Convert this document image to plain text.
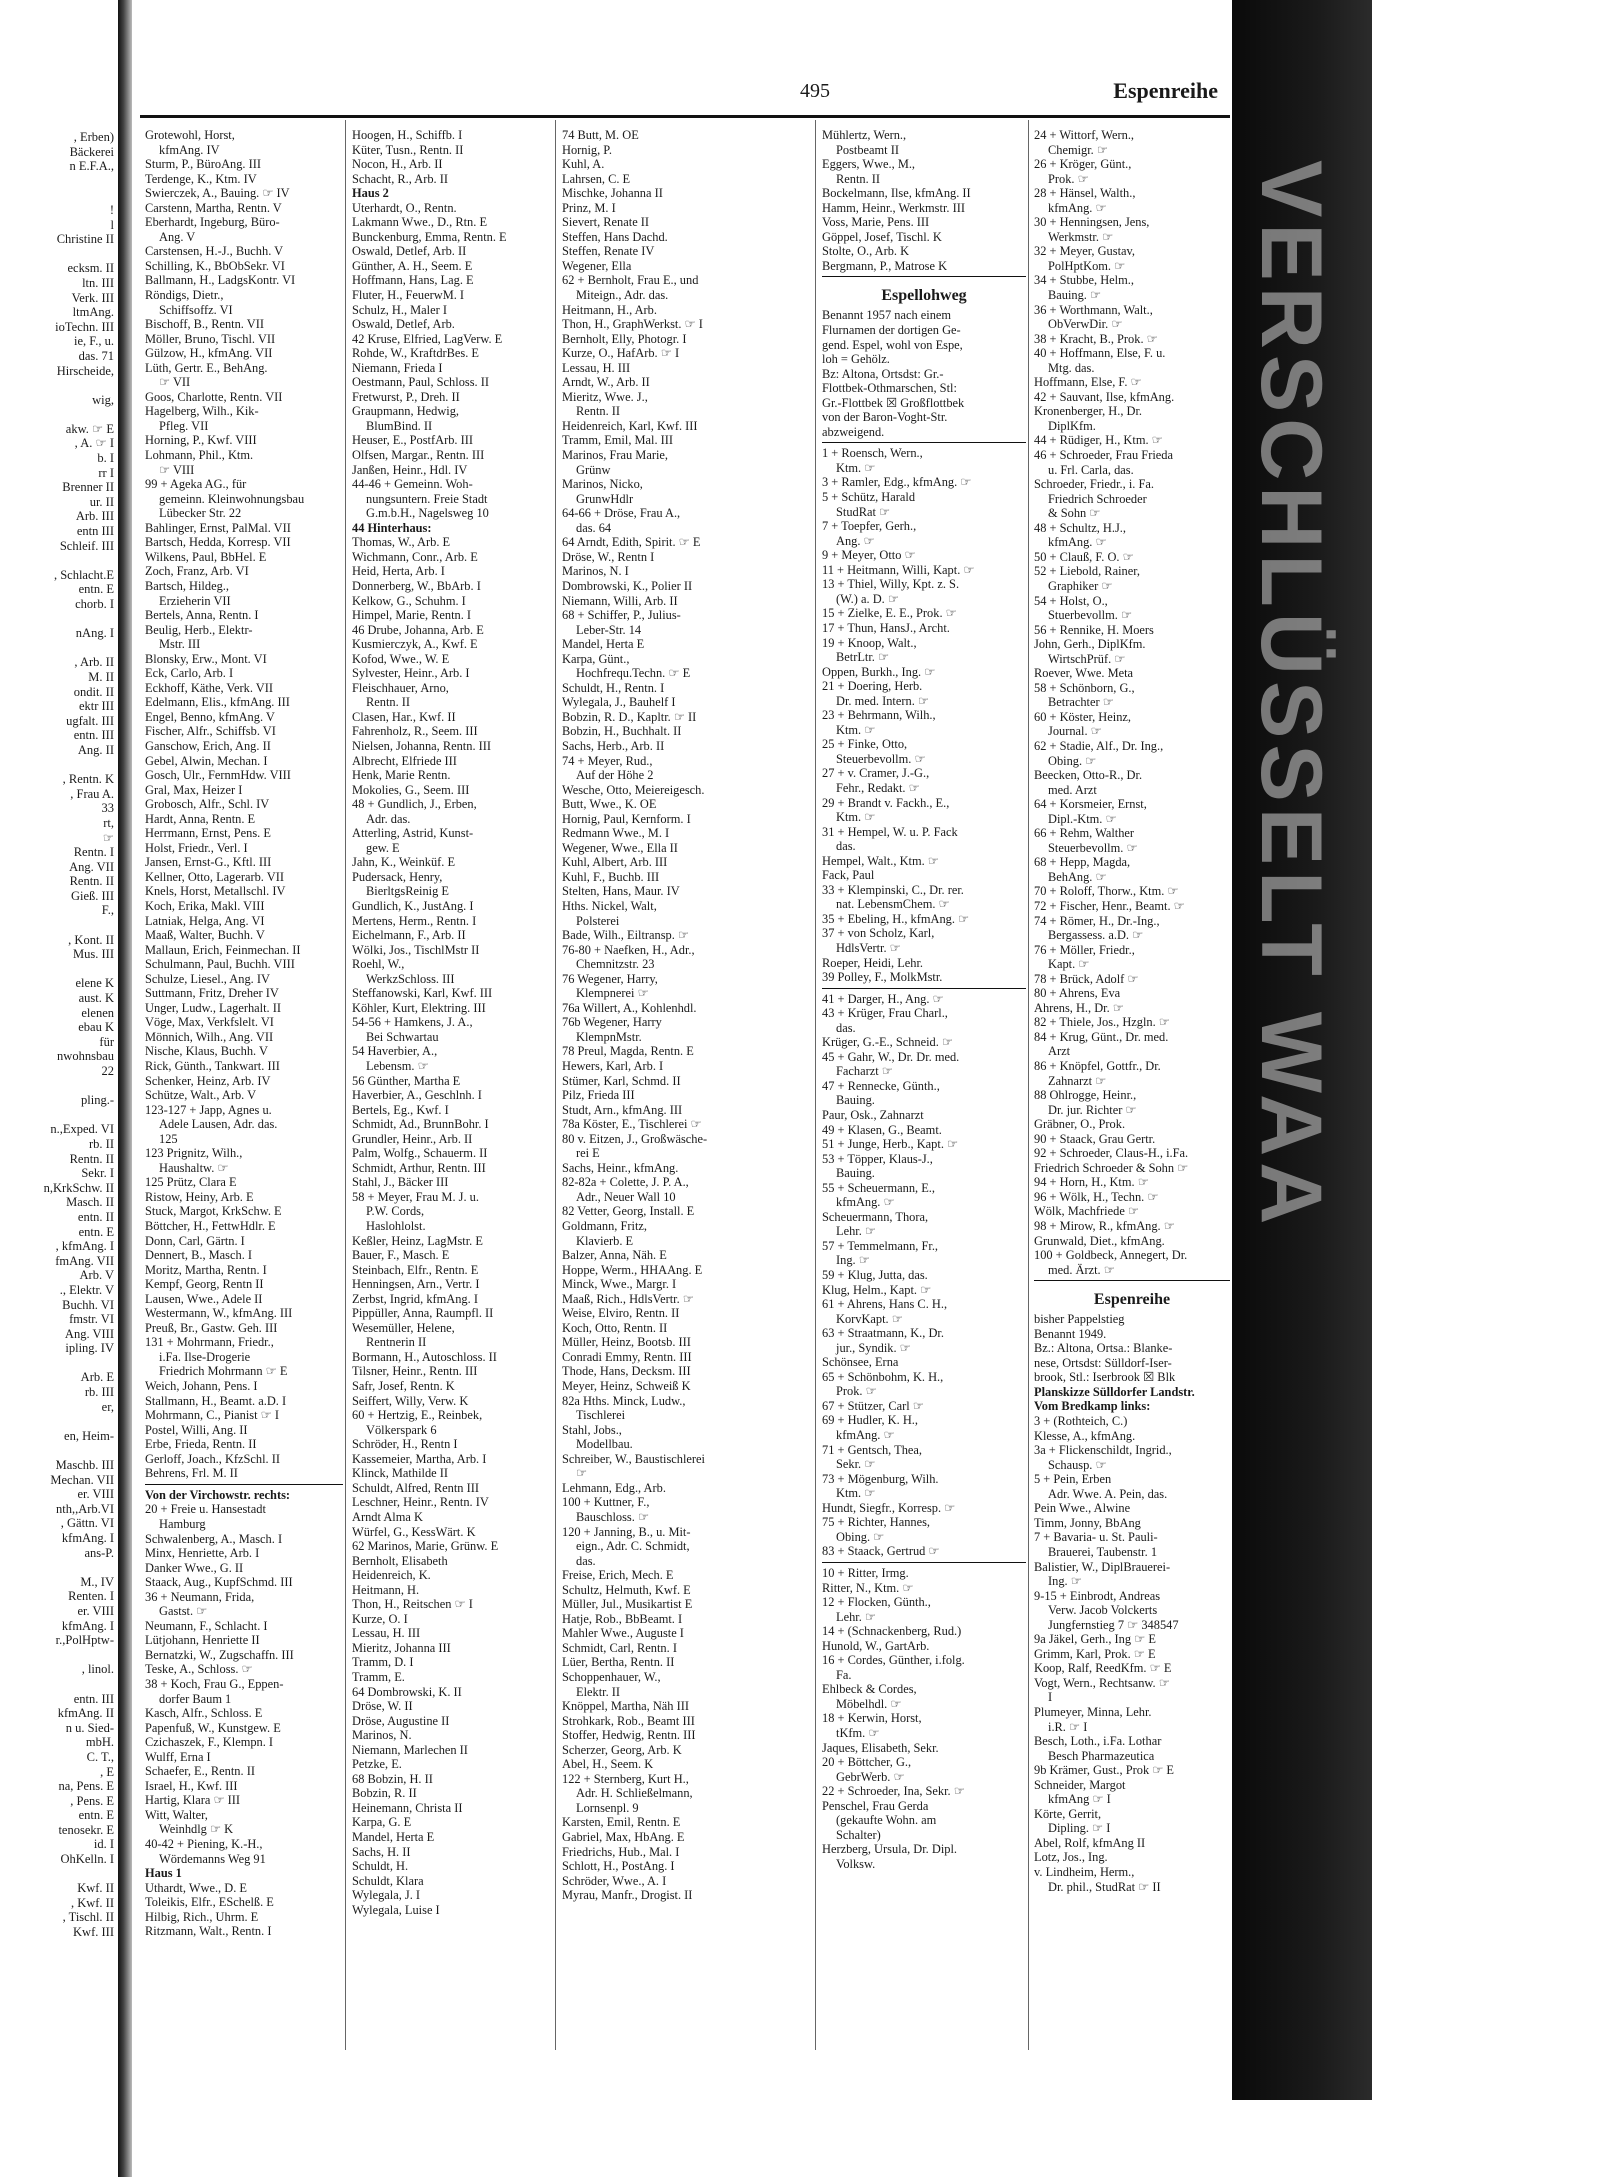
, Erben)
Bäckerei
n E.F.A.,

!
l
Christine II

ecksm. II
ltn. III
Verk. III
ltmAng.
ioTechn. III
ie, F., u.
das. 71
Hirscheide,

wig,

akw. ☞ E
, A. ☞ I
b. I
rr I
Brenner II
ur. II
Arb. III
entn III
Schleif. III

, Schlacht.E
entn. E
chorb. I

nAng. I

, Arb. II
M. II
ondit. II
ektr III
ugfalt. III
entn. III
Ang. II

, Rentn. K
, Frau A.
33
rt,
☞
Rentn. I
Ang. VII
Rentn. II
Gieß. III
F.,

, Kont. II
Mus. III

elene K
aust. K
elenen
ebau K
für
nwohnsbau
22

pling.-

n.,Exped. VI
rb. II
Rentn. II
Sekr. I
n,KrkSchw. II
Masch. II
entn. II
entn. E
, kfmAng. I
fmAng. VII
Arb. V
., Elektr. V
Buchh. VI
fmstr. VI
Ang. VIII
ipling. IV

Arb. E
rb. III
er,

en, Heim-

Maschb. III
Mechan. VII
er. VIII
nth,,Arb.VI
, Gättn. VI
kfmAng. I
ans-P.

M., IV
Renten. I
er. VIII
kfmAng. I
r.,PolHptw-

, linol.

entn. III
kfmAng. II
n u. Sied-
mbH.
C. T.,
, E
na, Pens. E
, Pens. E
entn. E
tenosekr. E
id. I
OhKelln. I

Kwf. II
, Kwf. II
, Tischl. II
Kwf. III
495	Espenreihe
Grotewohl, Horst,
kfmAng. IV
Sturm, P., BüroAng. III
Terdenge, K., Ktm. IV
Swierczek, A., Bauing. ☞ IV
Carstenn, Martha, Rentn. V
Eberhardt, Ingeburg, Büro-
Ang. V
Carstensen, H.-J., Buchh. V
Schilling, K., BbObSekr. VI
Ballmann, H., LadgsKontr. VI
Röndigs, Dietr.,
Schiffsoffz. VI
Bischoff, B., Rentn. VII
Möller, Bruno, Tischl. VII
Gülzow, H., kfmAng. VII
Lüth, Gertr. E., BehAng.
☞ VII
Goos, Charlotte, Rentn. VII
Hagelberg, Wilh., Kik-
Pfleg. VII
Horning, P., Kwf. VIII
Lohmann, Phil., Ktm.
☞ VIII
99 + Ageka AG., für
gemeinn. Kleinwohnungsbau
Lübecker Str. 22
Bahlinger, Ernst, PalMal. VII
Bartsch, Hedda, Korresp. VII
Wilkens, Paul, BbHel. E
Zoch, Franz, Arb. VI
Bartsch, Hildeg.,
Erzieherin VII
Bertels, Anna, Rentn. I
Beulig, Herb., Elektr-
Mstr. III
Blonsky, Erw., Mont. VI
Eck, Carlo, Arb. I
Eckhoff, Käthe, Verk. VII
Edelmann, Elis., kfmAng. III
Engel, Benno, kfmAng. V
Fischer, Alfr., Schiffsb. VI
Ganschow, Erich, Ang. II
Gebel, Alwin, Mechan. I
Gosch, Ulr., FernmHdw. VIII
Gral, Max, Heizer I
Grobosch, Alfr., Schl. IV
Hardt, Anna, Rentn. E
Herrmann, Ernst, Pens. E
Holst, Friedr., Verl. I
Jansen, Ernst-G., Kftl. III
Kellner, Otto, Lagerarb. VII
Knels, Horst, Metallschl. IV
Koch, Erika, Makl. VIII
Latniak, Helga, Ang. VI
Maaß, Walter, Buchh. V
Mallaun, Erich, Feinmechan. II
Schulmann, Paul, Buchh. VIII
Schulze, Liesel., Ang. IV
Suttmann, Fritz, Dreher IV
Unger, Ludw., Lagerhalt. II
Vöge, Max, Verkfslelt. VI
Mönnich, Wilh., Ang. VII
Nische, Klaus, Buchh. V
Rick, Günth., Tankwart. III
Schenker, Heinz, Arb. IV
Schütze, Walt., Arb. V
123-127 + Japp, Agnes u.
Adele Lausen, Adr. das.
125
123 Prignitz, Wilh.,
Haushaltw. ☞
125 Prütz, Clara E
Ristow, Heiny, Arb. E
Stuck, Margot, KrkSchw. E
Böttcher, H., FettwHdlr. E
Donn, Carl, Gärtn. I
Dennert, B., Masch. I
Moritz, Martha, Rentn. I
Kempf, Georg, Rentn II
Lausen, Wwe., Adele II
Westermann, W., kfmAng. III
Preuß, Br., Gastw. Geh. III
131 + Mohrmann, Friedr.,
i.Fa. Ilse-Drogerie
Friedrich Mohrmann ☞ E
Weich, Johann, Pens. I
Stallmann, H., Beamt. a.D. I
Mohrmann, C., Pianist ☞ I
Postel, Willi, Ang. II
Erbe, Frieda, Rentn. II
Gerloff, Joach., KfzSchl. II
Behrens, Frl. M. II
Von der Virchowstr. rechts:
20 + Freie u. Hansestadt
Hamburg
Schwalenberg, A., Masch. I
Minx, Henriette, Arb. I
Danker Wwe., G. II
Staack, Aug., KupfSchmd. III
36 + Neumann, Frida,
Gastst. ☞
Neumann, F., Schlacht. I
Lütjohann, Henriette II
Bernatzki, W., Zugschaffn. III
Teske, A., Schloss. ☞
38 + Koch, Frau G., Eppen-
dorfer Baum 1
Kasch, Alfr., Schloss. E
Papenfuß, W., Kunstgew. E
Czichaszek, F., Klempn. I
Wulff, Erna I
Schaefer, E., Rentn. II
Israel, H., Kwf. III
Hartig, Klara ☞ III
Witt, Walter,
Weinhdlg ☞ K
40-42 + Piening, K.-H.,
Wördemanns Weg 91
Haus 1
Uthardt, Wwe., D. E
Toleikis, Elfr., ESchelß. E
Hilbig, Rich., Uhrm. E
Ritzmann, Walt., Rentn. I
Hoogen, H., Schiffb. I
Küter, Tusn., Rentn. II
Nocon, H., Arb. II
Schacht, R., Arb. II
Haus 2
Uterhardt, O., Rentn.
Lakmann Wwe., D., Rtn. E
Bunckenburg, Emma, Rentn. E
Oswald, Detlef, Arb. II
Günther, A. H., Seem. E
Hoffmann, Hans, Lag. E
Fluter, H., FeuerwM. I
Schulz, H., Maler I
Oswald, Detlef, Arb.
42 Kruse, Elfried, LagVerw. E
Rohde, W., KraftdrBes. E
Niemann, Frieda I
Oestmann, Paul, Schloss. II
Fretwurst, P., Dreh. II
Graupmann, Hedwig,
BlumBind. II
Heuser, E., PostfArb. III
Olfsen, Margar., Rentn. III
Janßen, Heinr., Hdl. IV
44-46 + Gemeinn. Woh-
nungsuntern. Freie Stadt
G.m.b.H., Nagelsweg 10
44 Hinterhaus:
Thomas, W., Arb. E
Wichmann, Conr., Arb. E
Heid, Herta, Arb. I
Donnerberg, W., BbArb. I
Kelkow, G., Schuhm. I
Himpel, Marie, Rentn. I
46 Drube, Johanna, Arb. E
Kusmierczyk, A., Kwf. E
Kofod, Wwe., W. E
Sylvester, Heinr., Arb. I
Fleischhauer, Arno,
Rentn. II
Clasen, Har., Kwf. II
Fahrenholz, R., Seem. III
Nielsen, Johanna, Rentn. III
Albrecht, Elfriede III
Henk, Marie Rentn.
Mokolies, G., Seem. III
48 + Gundlich, J., Erben,
Adr. das.
Atterling, Astrid, Kunst-
gew. E
Jahn, K., Weinküf. E
Pudersack, Henry,
BierltgsReinig E
Gundlich, K., JustAng. I
Mertens, Herm., Rentn. I
Eichelmann, F., Arb. II
Wölki, Jos., TischlMstr II
Roehl, W.,
WerkzSchloss. III
Steffanowski, Karl, Kwf. III
Köhler, Kurt, Elektring. III
54-56 + Hamkens, J. A.,
Bei Schwartau
54 Haverbier, A.,
Lebensm. ☞
56 Günther, Martha E
Haverbier, A., Geschlnh. I
Bertels, Eg., Kwf. I
Schmidt, Ad., BrunnBohr. I
Grundler, Heinr., Arb. II
Palm, Wolfg., Schauerm. II
Schmidt, Arthur, Rentn. III
Stahl, J., Bäcker III
58 + Meyer, Frau M. J. u.
P.W. Cords,
Haslohlolst.
Keßler, Heinz, LagMstr. E
Bauer, F., Masch. E
Steinbach, Elfr., Rentn. E
Henningsen, Arn., Vertr. I
Zerbst, Ingrid, kfmAng. I
Pippüller, Anna, Raumpfl. II
Wesemüller, Helene,
Rentnerin II
Bormann, H., Autoschloss. II
Tilsner, Heinr., Rentn. III
Safr, Josef, Rentn. K
Seiffert, Willy, Verw. K
60 + Hertzig, E., Reinbek,
Völkerspark 6
Schröder, H., Rentn I
Kassemeier, Martha, Arb. I
Klinck, Mathilde II
Schuldt, Alfred, Rentn III
Leschner, Heinr., Rentn. IV
Arndt Alma K
Würfel, G., KessWärt. K
62 Marinos, Marie, Grünw. E
Bernholt, Elisabeth
Heidenreich, K.
Heitmann, H.
Thon, H., Reitschen ☞ I
Kurze, O. I
Lessau, H. III
Mieritz, Johanna III
Tramm, D. I
Tramm, E.
64 Dombrowski, K. II
Dröse, W. II
Dröse, Augustine II
Marinos, N.
Niemann, Marlechen II
Petzke, E.
68 Bobzin, H. II
Bobzin, R. II
Heinemann, Christa II
Karpa, G. E
Mandel, Herta E
Sachs, H. II
Schuldt, H.
Schuldt, Klara
Wylegala, J. I
Wylegala, Luise I
74 Butt, M. OE
Hornig, P.
Kuhl, A.
Lahrsen, C. E
Mischke, Johanna II
Prinz, M. I
Sievert, Renate II
Steffen, Hans Dachd.
Steffen, Renate IV
Wegener, Ella
62 + Bernholt, Frau E., und
Miteign., Adr. das.
Heitmann, H., Arb.
Thon, H., GraphWerkst. ☞ I
Bernholt, Elly, Photogr. I
Kurze, O., HafArb. ☞ I
Lessau, H. III
Arndt, W., Arb. II
Mieritz, Wwe. J.,
Rentn. II
Heidenreich, Karl, Kwf. III
Tramm, Emil, Mal. III
Marinos, Frau Marie,
Grünw
Marinos, Nicko,
GrunwHdlr
64-66 + Dröse, Frau A.,
das. 64
64 Arndt, Edith, Spirit. ☞ E
Dröse, W., Rentn I
Marinos, N. I
Dombrowski, K., Polier II
Niemann, Willi, Arb. II
68 + Schiffer, P., Julius-
Leber-Str. 14
Mandel, Herta E
Karpa, Günt.,
Hochfrequ.Techn. ☞ E
Schuldt, H., Rentn. I
Wylegala, J., Bauhelf I
Bobzin, R. D., Kapltr. ☞ II
Bobzin, H., Buchhalt. II
Sachs, Herb., Arb. II
74 + Meyer, Rud.,
Auf der Höhe 2
Wesche, Otto, Meiereigesch.
Butt, Wwe., K. OE
Hornig, Paul, Kernform. I
Redmann Wwe., M. I
Wegener, Wwe., Ella II
Kuhl, Albert, Arb. III
Kuhl, F., Buchb. III
Stelten, Hans, Maur. IV
Hths. Nickel, Walt,
Polsterei
Bade, Wilh., Eiltransp. ☞
76-80 + Naefken, H., Adr.,
Chemnitzstr. 23
76 Wegener, Harry,
Klempnerei ☞
76a Willert, A., Kohlenhdl.
76b Wegener, Harry
KlempnMstr.
78 Preul, Magda, Rentn. E
Hewers, Karl, Arb. I
Stümer, Karl, Schmd. II
Pilz, Frieda III
Studt, Arn., kfmAng. III
78a Köster, E., Tischlerei ☞
80 v. Eitzen, J., Großwäsche-
rei E
Sachs, Heinr., kfmAng.
82-82a + Colette, J. P. A.,
Adr., Neuer Wall 10
82 Vetter, Georg, Install. E
Goldmann, Fritz,
Klavierb. E
Balzer, Anna, Näh. E
Hoppe, Werm., HHAAng. E
Minck, Wwe., Margr. I
Maaß, Rich., HdlsVertr. ☞
Weise, Elviro, Rentn. II
Koch, Otto, Rentn. II
Müller, Heinz, Bootsb. III
Conradi Emmy, Rentn. III
Thode, Hans, Decksm. III
Meyer, Heinz, Schweiß K
82a Hths. Minck, Ludw.,
Tischlerei
Stahl, Jobs.,
Modellbau.
Schreiber, W., Baustischlerei
☞
Lehmann, Edg., Arb.
100 + Kuttner, F.,
Bauschloss. ☞
120 + Janning, B., u. Mit-
eign., Adr. C. Schmidt,
das.
Freise, Erich, Mech. E
Schultz, Helmuth, Kwf. E
Müller, Jul., Musikartist E
Hatje, Rob., BbBeamt. I
Mahler Wwe., Auguste I
Schmidt, Carl, Rentn. I
Lüer, Bertha, Rentn. II
Schoppenhauer, W.,
Elektr. II
Knöppel, Martha, Näh III
Strohkark, Rob., Beamt III
Stoffer, Hedwig, Rentn. III
Scherzer, Georg, Arb. K
Abel, H., Seem. K
122 + Sternberg, Kurt H.,
Adr. H. Schließelmann,
Lornsenpl. 9
Karsten, Emil, Rentn. E
Gabriel, Max, HbAng. E
Friedrichs, Hub., Mal. I
Schlott, H., PostAng. I
Schröder, Wwe., A. I
Myrau, Manfr., Drogist. II
Mühlertz, Wern.,
Postbeamt II
Eggers, Wwe., M.,
Rentn. II
Bockelmann, Ilse, kfmAng. II
Hamm, Heinr., Werkmstr. III
Voss, Marie, Pens. III
Göppel, Josef, Tischl. K
Stolte, O., Arb. K
Bergmann, P., Matrose K
Espellohweg
Benannt 1957 nach einem
Flurnamen der dortigen Ge-
gend. Espel, wohl von Espe,
loh = Gehölz.
Bz: Altona, Ortsdst: Gr.-
Flottbek-Othmarschen, Stl:
Gr.-Flottbek ☒ Großflottbek
von der Baron-Voght-Str.
abzweigend.
1 + Roensch, Wern.,
Ktm. ☞
3 + Ramler, Edg., kfmAng. ☞
5 + Schütz, Harald
StudRat ☞
7 + Toepfer, Gerh.,
Ang. ☞
9 + Meyer, Otto ☞
11 + Heitmann, Willi, Kapt. ☞
13 + Thiel, Willy, Kpt. z. S.
(W.) a. D. ☞
15 + Zielke, E. E., Prok. ☞
17 + Thun, HansJ., Archt.
19 + Knoop, Walt.,
BetrLtr. ☞
Oppen, Burkh., Ing. ☞
21 + Doering, Herb.
Dr. med. Intern. ☞
23 + Behrmann, Wilh.,
Ktm. ☞
25 + Finke, Otto,
Steuerbevollm. ☞
27 + v. Cramer, J.-G.,
Fehr., Redakt. ☞
29 + Brandt v. Fackh., E.,
Ktm. ☞
31 + Hempel, W. u. P. Fack
das.
Hempel, Walt., Ktm. ☞
Fack, Paul
33 + Klempinski, C., Dr. rer.
nat. LebensmChem. ☞
35 + Ebeling, H., kfmAng. ☞
37 + von Scholz, Karl,
HdlsVertr. ☞
Roeper, Heidi, Lehr.
39 Polley, F., MolkMstr.
41 + Darger, H., Ang. ☞
43 + Krüger, Frau Charl.,
das.
Krüger, G.-E., Schneid. ☞
45 + Gahr, W., Dr. Dr. med.
Facharzt ☞
47 + Rennecke, Günth.,
Bauing.
Paur, Osk., Zahnarzt
49 + Klasen, G., Beamt.
51 + Junge, Herb., Kapt. ☞
53 + Töpper, Klaus-J.,
Bauing.
55 + Scheuermann, E.,
kfmAng. ☞
Scheuermann, Thora,
Lehr. ☞
57 + Temmelmann, Fr.,
Ing. ☞
59 + Klug, Jutta, das.
Klug, Helm., Kapt. ☞
61 + Ahrens, Hans C. H.,
KorvKapt. ☞
63 + Straatmann, K., Dr.
jur., Syndik. ☞
Schönsee, Erna
65 + Schönbohm, K. H.,
Prok. ☞
67 + Stützer, Carl ☞
69 + Hudler, K. H.,
kfmAng. ☞
71 + Gentsch, Thea,
Sekr. ☞
73 + Mögenburg, Wilh.
Ktm. ☞
Hundt, Siegfr., Korresp. ☞
75 + Richter, Hannes,
Obing. ☞
83 + Staack, Gertrud ☞
10 + Ritter, Irmg.
Ritter, N., Ktm. ☞
12 + Flocken, Günth.,
Lehr. ☞
14 + (Schnackenberg, Rud.)
Hunold, W., GartArb.
16 + Cordes, Günther, i.folg.
Fa.
Ehlbeck & Cordes,
Möbelhdl. ☞
18 + Kerwin, Horst,
tKfm. ☞
Jaques, Elisabeth, Sekr.
20 + Böttcher, G.,
GebrWerb. ☞
22 + Schroeder, Ina, Sekr. ☞
Penschel, Frau Gerda
(gekaufte Wohn. am
Schalter)
Herzberg, Ursula, Dr. Dipl.
Volksw.
24 + Wittorf, Wern.,
Chemigr. ☞
26 + Kröger, Günt.,
Prok. ☞
28 + Hänsel, Walth.,
kfmAng. ☞
30 + Henningsen, Jens,
Werkmstr. ☞
32 + Meyer, Gustav,
PolHptKom. ☞
34 + Stubbe, Helm.,
Bauing. ☞
36 + Worthmann, Walt.,
ObVerwDir. ☞
38 + Kracht, B., Prok. ☞
40 + Hoffmann, Else, F. u.
Mtg. das.
Hoffmann, Else, F. ☞
42 + Sauvant, Ilse, kfmAng.
Kronenberger, H., Dr.
DiplKfm.
44 + Rüdiger, H., Ktm. ☞
46 + Schroeder, Frau Frieda
u. Frl. Carla, das.
Schroeder, Friedr., i. Fa.
Friedrich Schroeder
& Sohn ☞
48 + Schultz, H.J.,
kfmAng. ☞
50 + Clauß, F. O. ☞
52 + Liebold, Rainer,
Graphiker ☞
54 + Holst, O.,
Stuerbevollm. ☞
56 + Rennike, H. Moers
John, Gerh., DiplKfm.
WirtschPrüf. ☞
Roever, Wwe. Meta
58 + Schönborn, G.,
Betrachter ☞
60 + Köster, Heinz,
Journal. ☞
62 + Stadie, Alf., Dr. Ing.,
Obing. ☞
Beecken, Otto-R., Dr.
med. Arzt
64 + Korsmeier, Ernst,
Dipl.-Ktm. ☞
66 + Rehm, Walther
Steuerbevollm. ☞
68 + Hepp, Magda,
BehAng. ☞
70 + Roloff, Thorw., Ktm. ☞
72 + Fischer, Henr., Beamt. ☞
74 + Römer, H., Dr.-Ing.,
Bergassess. a.D. ☞
76 + Möller, Friedr.,
Kapt. ☞
78 + Brück, Adolf ☞
80 + Ahrens, Eva
Ahrens, H., Dr. ☞
82 + Thiele, Jos., Hzgln. ☞
84 + Krug, Günt., Dr. med.
Arzt
86 + Knöpfel, Gottfr., Dr.
Zahnarzt ☞
88 Ohlrogge, Heinr.,
Dr. jur. Richter ☞
Gräbner, O., Prok.
90 + Staack, Grau Gertr.
92 + Schroeder, Claus-H., i.Fa.
Friedrich Schroeder & Sohn ☞
94 + Horn, H., Ktm. ☞
96 + Wölk, H., Techn. ☞
Wölk, Machfriede ☞
98 + Mirow, R., kfmAng. ☞
Grunwald, Diet., kfmAng.
100 + Goldbeck, Annegert, Dr.
med. Ärzt. ☞
Espenreihe
bisher Pappelstieg
Benannt 1949.
Bz.: Altona, Ortsa.: Blanke-
nese, Ortsdst: Sülldorf-Iser-
brook, Stl.: Iserbrook ☒ Blk
Planskizze Sülldorfer Landstr.
Vom Bredkamp links:
3 + (Rothteich, C.)
Klesse, A., kfmAng.
3a + Flickenschildt, Ingrid.,
Schausp. ☞
5 + Pein, Erben
Adr. Wwe. A. Pein, das.
Pein Wwe., Alwine
Timm, Jonny, BbAng
7 + Bavaria- u. St. Pauli-
Brauerei, Taubenstr. 1
Balistier, W., DiplBrauerei-
Ing. ☞
9-15 + Einbrodt, Andreas
Verw. Jacob Volckerts
Jungfernstieg 7 ☞ 348547
9a Jäkel, Gerh., Ing ☞ E
Grimm, Karl, Prok. ☞ E
Koop, Ralf, ReedKfm. ☞ E
Vogt, Wern., Rechtsanw. ☞
I
Plumeyer, Minna, Lehr.
i.R. ☞ I
Besch, Loth., i.Fa. Lothar
Besch Pharmazeutica
9b Krämer, Gust., Prok ☞ E
Schneider, Margot
kfmAng ☞ I
Körte, Gerrit,
Dipling. ☞ I
Abel, Rolf, kfmAng II
Lotz, Jos., Ing.
v. Lindheim, Herm.,
Dr. phil., StudRat ☞ II
VERSCHLÜSSELT WAA
